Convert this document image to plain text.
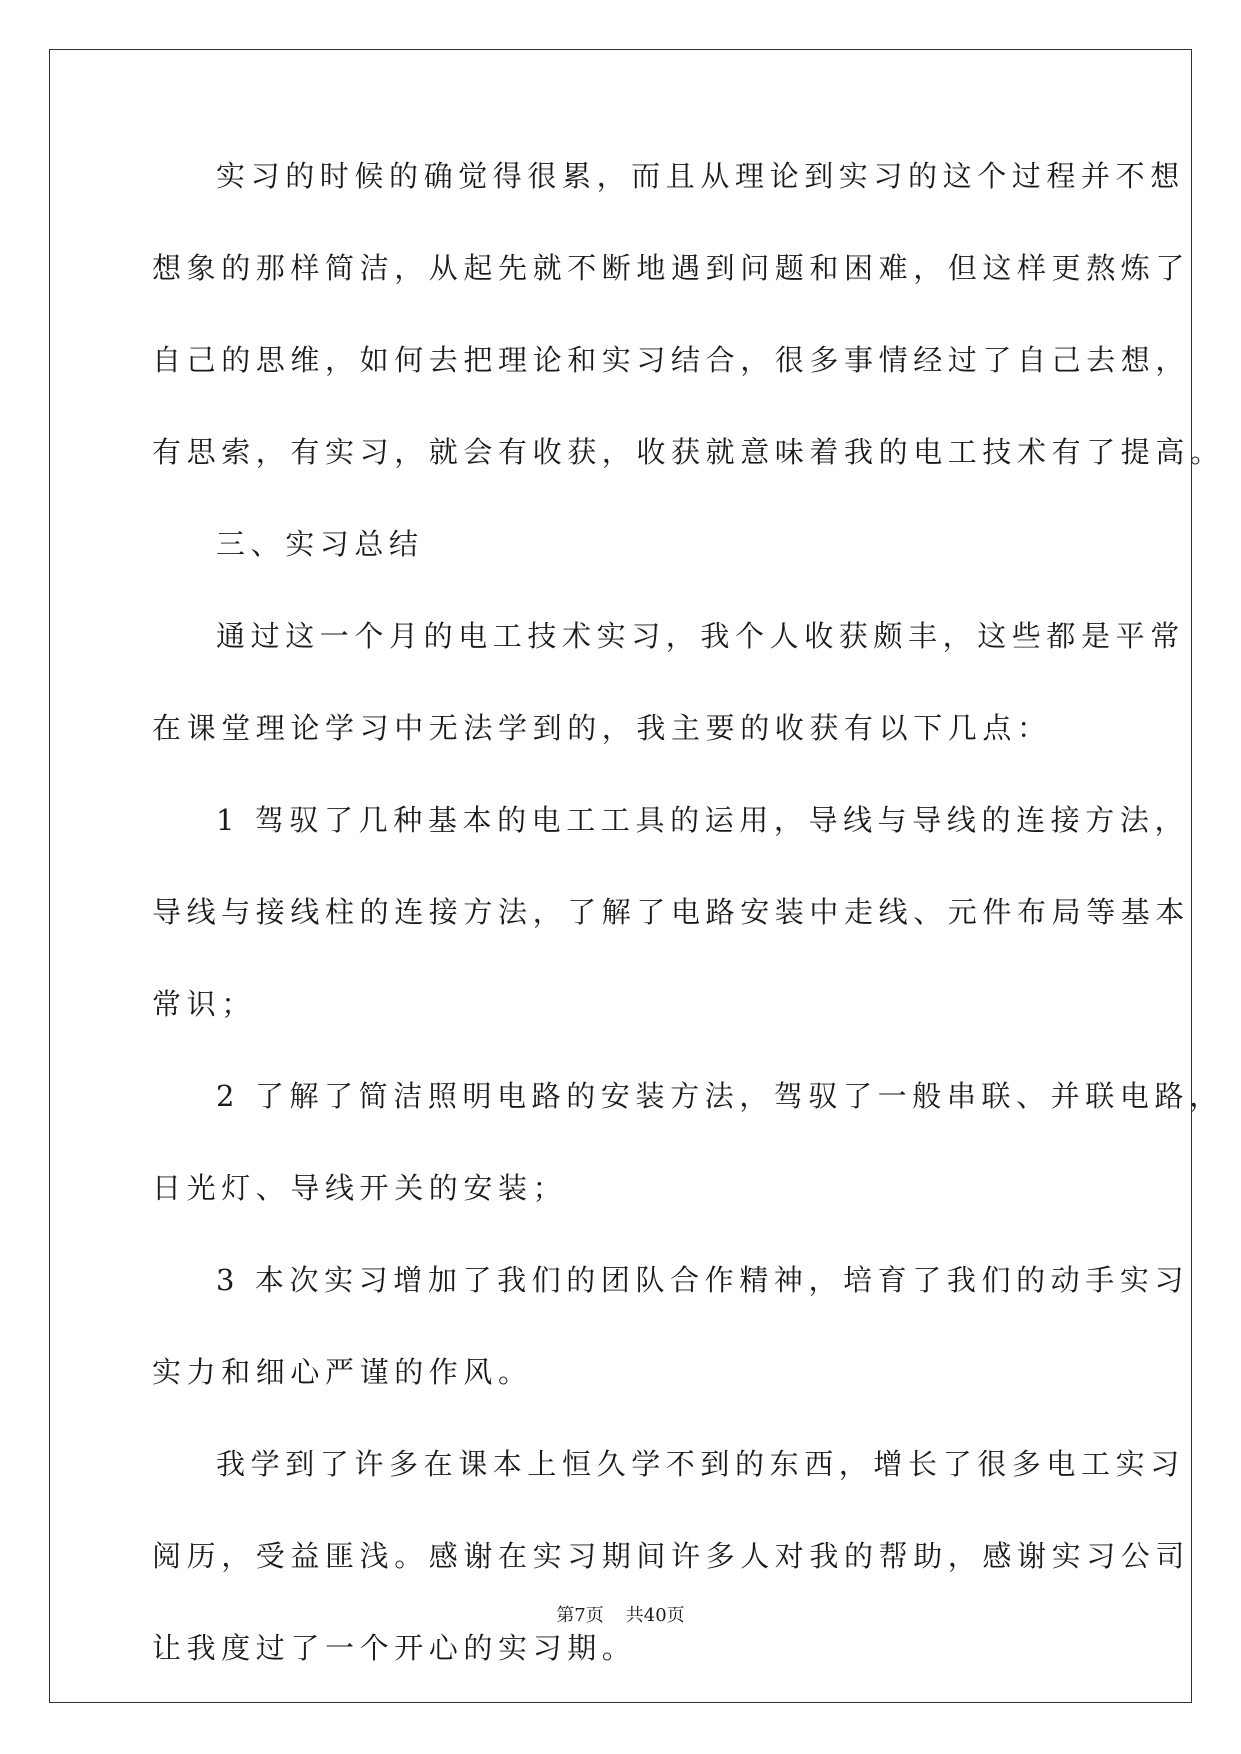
实习的时候的确觉得很累，而且从理论到实习的这个过程并不想
想象的那样简洁，从起先就不断地遇到问题和困难，但这样更熬炼了
自己的思维，如何去把理论和实习结合，很多事情经过了自己去想，
有思索，有实习，就会有收获，收获就意味着我的电工技术有了提高。
三、实习总结
通过这一个月的电工技术实习，我个人收获颇丰，这些都是平常
在课堂理论学习中无法学到的，我主要的收获有以下几点：
1 驾驭了几种基本的电工工具的运用，导线与导线的连接方法，
导线与接线柱的连接方法，了解了电路安装中走线、元件布局等基本
常识；
2 了解了简洁照明电路的安装方法，驾驭了一般串联、并联电路，
日光灯、导线开关的安装；
3 本次实习增加了我们的团队合作精神，培育了我们的动手实习
实力和细心严谨的作风。
我学到了许多在课本上恒久学不到的东西，增长了很多电工实习
阅历，受益匪浅。感谢在实习期间许多人对我的帮助，感谢实习公司
让我度过了一个开心的实习期。
第7页 共40页
